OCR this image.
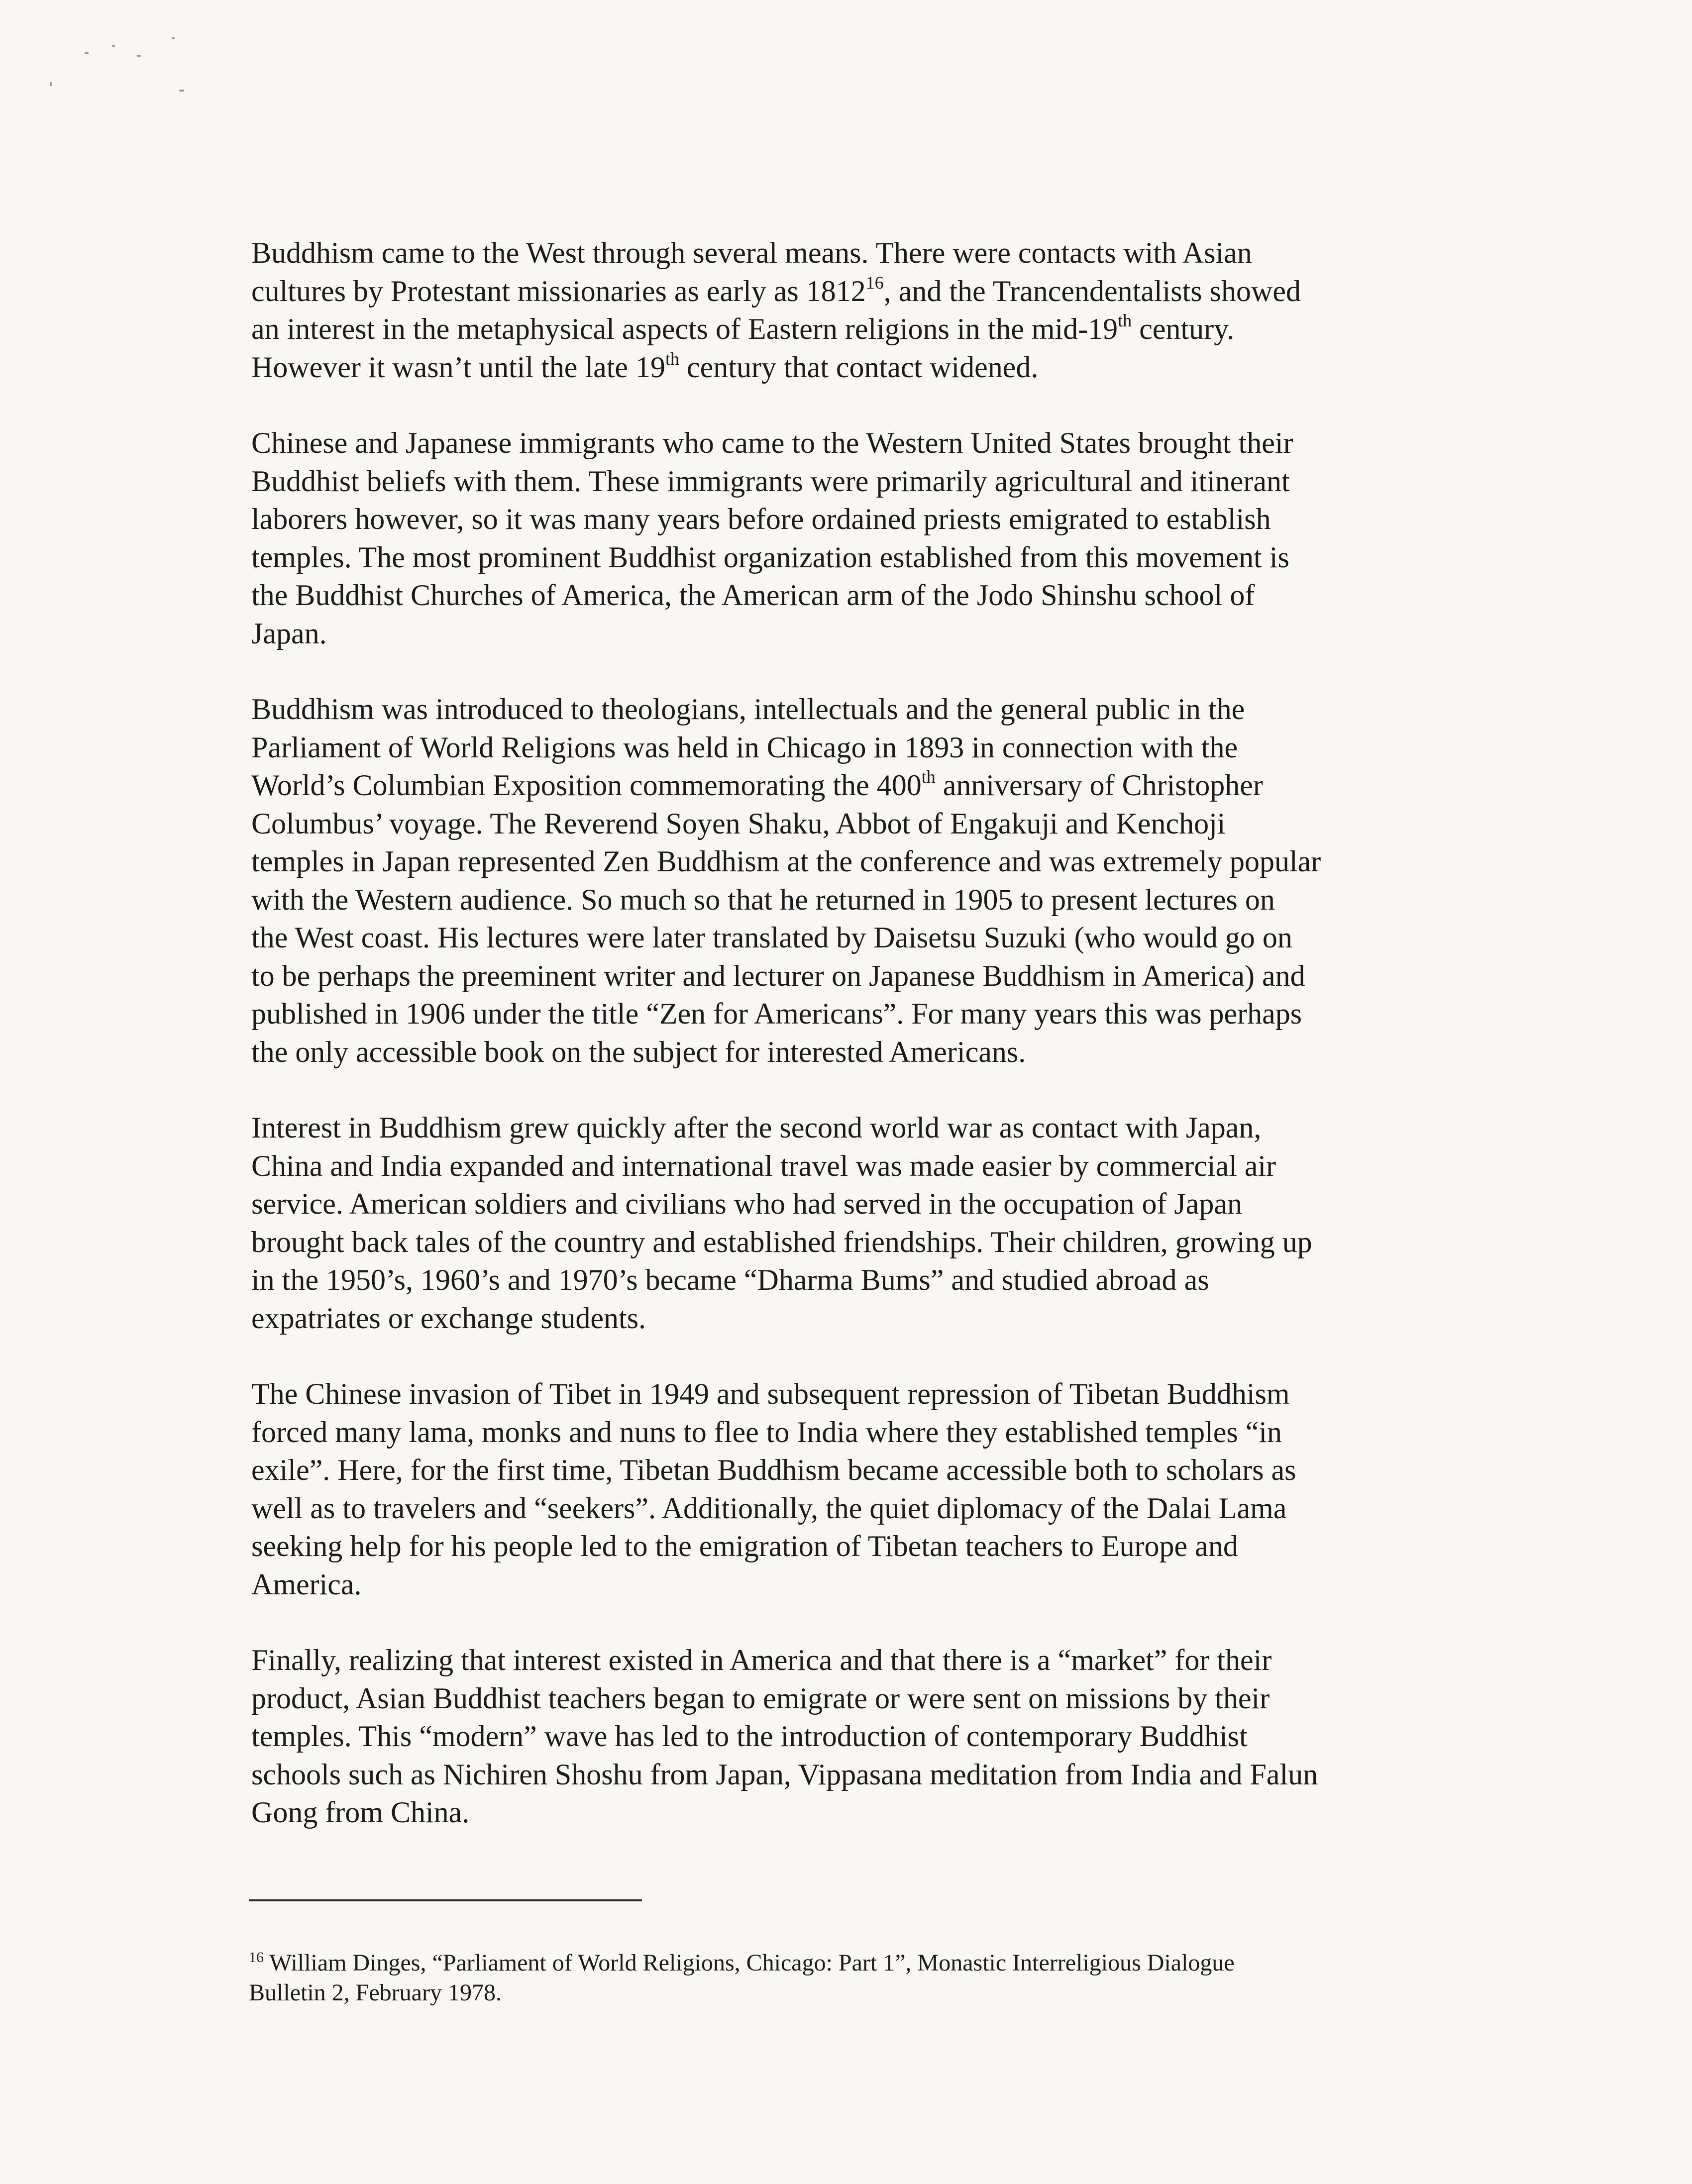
Buddhism came to the West through several means. There were contacts with Asian
cultures by Protestant missionaries as early as 1812$^{16}$, and the Trancendentalists showed
an interest in the metaphysical aspects of Eastern religions in the mid-19th century.
However it wasn’t until the late 19th century that contact widened.

Chinese and Japanese immigrants who came to the Western United States brought their
Buddhist beliefs with them. These immigrants were primarily agricultural and itinerant
laborers however, so it was many years before ordained priests emigrated to establish
temples. The most prominent Buddhist organization established from this movement is
the Buddhist Churches of America, the American arm of the Jodo Shinshu school of
Japan.

Buddhism was introduced to theologians, intellectuals and the general public in the
Parliament of World Religions was held in Chicago in 1893 in connection with the
World’s Columbian Exposition commemorating the 400th anniversary of Christopher
Columbus’ voyage. The Reverend Soyen Shaku, Abbot of Engakuji and Kenchoji
temples in Japan represented Zen Buddhism at the conference and was extremely popular
with the Western audience. So much so that he returned in 1905 to present lectures on
the West coast. His lectures were later translated by Daisetsu Suzuki (who would go on
to be perhaps the preeminent writer and lecturer on Japanese Buddhism in America) and
published in 1906 under the title “Zen for Americans”. For many years this was perhaps
the only accessible book on the subject for interested Americans.

Interest in Buddhism grew quickly after the second world war as contact with Japan,
China and India expanded and international travel was made easier by commercial air
service. American soldiers and civilians who had served in the occupation of Japan
brought back tales of the country and established friendships. Their children, growing up
in the 1950’s, 1960’s and 1970’s became “Dharma Bums” and studied abroad as
expatriates or exchange students.

The Chinese invasion of Tibet in 1949 and subsequent repression of Tibetan Buddhism
forced many lama, monks and nuns to flee to India where they established temples “in
exile”. Here, for the first time, Tibetan Buddhism became accessible both to scholars as
well as to travelers and “seekers”. Additionally, the quiet diplomacy of the Dalai Lama
seeking help for his people led to the emigration of Tibetan teachers to Europe and
America.

Finally, realizing that interest existed in America and that there is a “market” for their
product, Asian Buddhist teachers began to emigrate or were sent on missions by their
temples. This “modern” wave has led to the introduction of contemporary Buddhist
schools such as Nichiren Shoshu from Japan, Vippasana meditation from India and Falun
Gong from China.

$^{16}$ William Dinges, “Parliament of World Religions, Chicago: Part 1”, Monastic Interreligious Dialogue
Bulletin 2, February 1978.
